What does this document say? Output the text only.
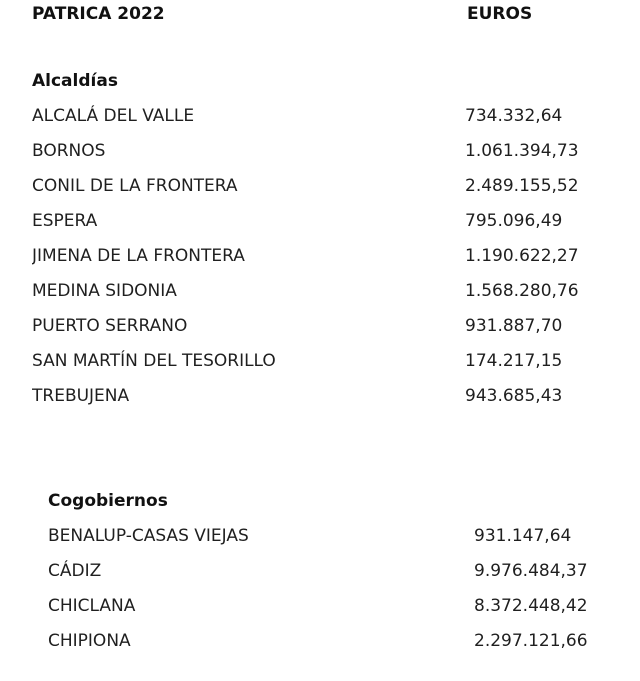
PATRICA 2022	EUROS
Alcaldías
ALCALÁ DEL VALLE	734.332,64
BORNOS	1.061.394,73
CONIL DE LA FRONTERA	2.489.155,52
ESPERA	795.096,49
JIMENA DE LA FRONTERA	1.190.622,27
MEDINA SIDONIA	1.568.280,76
PUERTO SERRANO	931.887,70
SAN MARTÍN DEL TESORILLO	174.217,15
TREBUJENA	943.685,43
Cogobiernos
BENALUP-CASAS VIEJAS	931.147,64
CÁDIZ	9.976.484,37
CHICLANA	8.372.448,42
CHIPIONA	2.297.121,66
